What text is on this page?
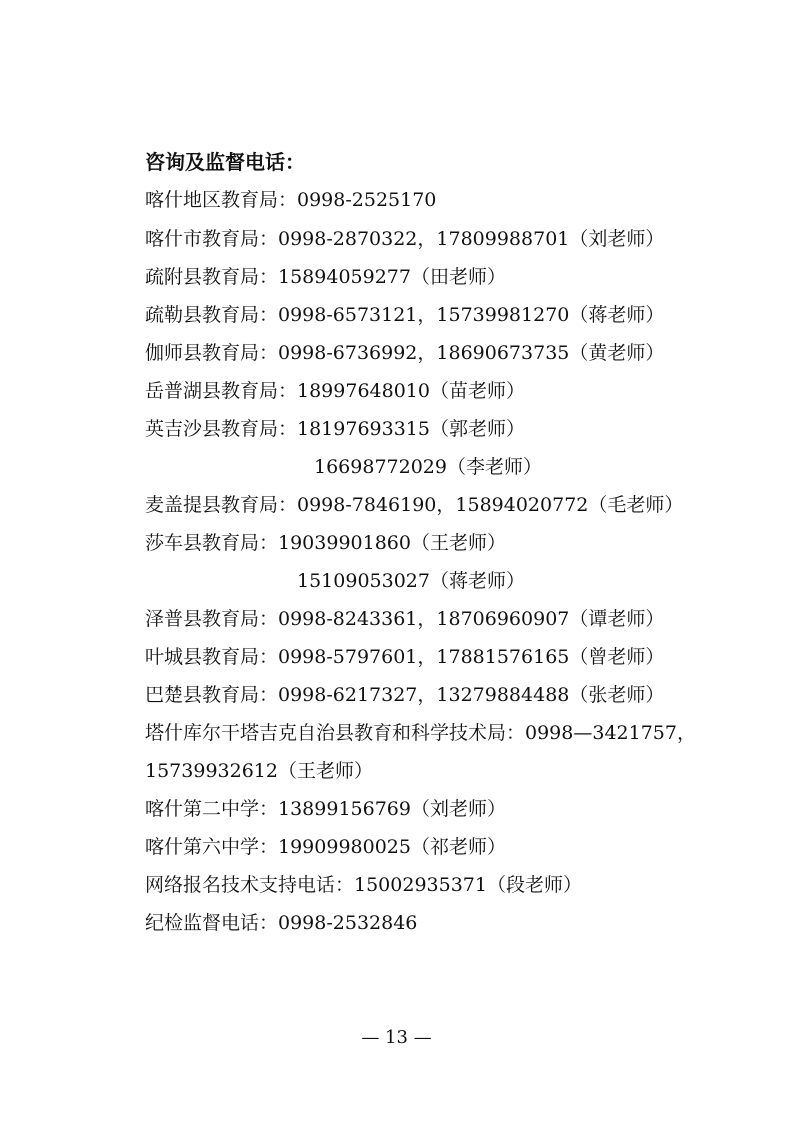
咨询及监督电话：
喀什地区教育局：0998-2525170
喀什市教育局：0998-2870322，17809988701（刘老师）
疏附县教育局：15894059277（田老师）
疏勒县教育局：0998-6573121，15739981270（蒋老师）
伽师县教育局：0998-6736992，18690673735（黄老师）
岳普湖县教育局：18997648010（苗老师）
英吉沙县教育局：18197693315（郭老师）
16698772029（李老师）
麦盖提县教育局：0998-7846190，15894020772（毛老师）
莎车县教育局：19039901860（王老师）
15109053027（蒋老师）
泽普县教育局：0998-8243361，18706960907（谭老师）
叶城县教育局：0998-5797601，17881576165（曾老师）
巴楚县教育局：0998-6217327，13279884488（张老师）
塔什库尔干塔吉克自治县教育和科学技术局：0998—3421757，
15739932612（王老师）
喀什第二中学：13899156769（刘老师）
喀什第六中学：19909980025（祁老师）
网络报名技术支持电话：15002935371（段老师）
纪检监督电话：0998-2532846
— 13 —
